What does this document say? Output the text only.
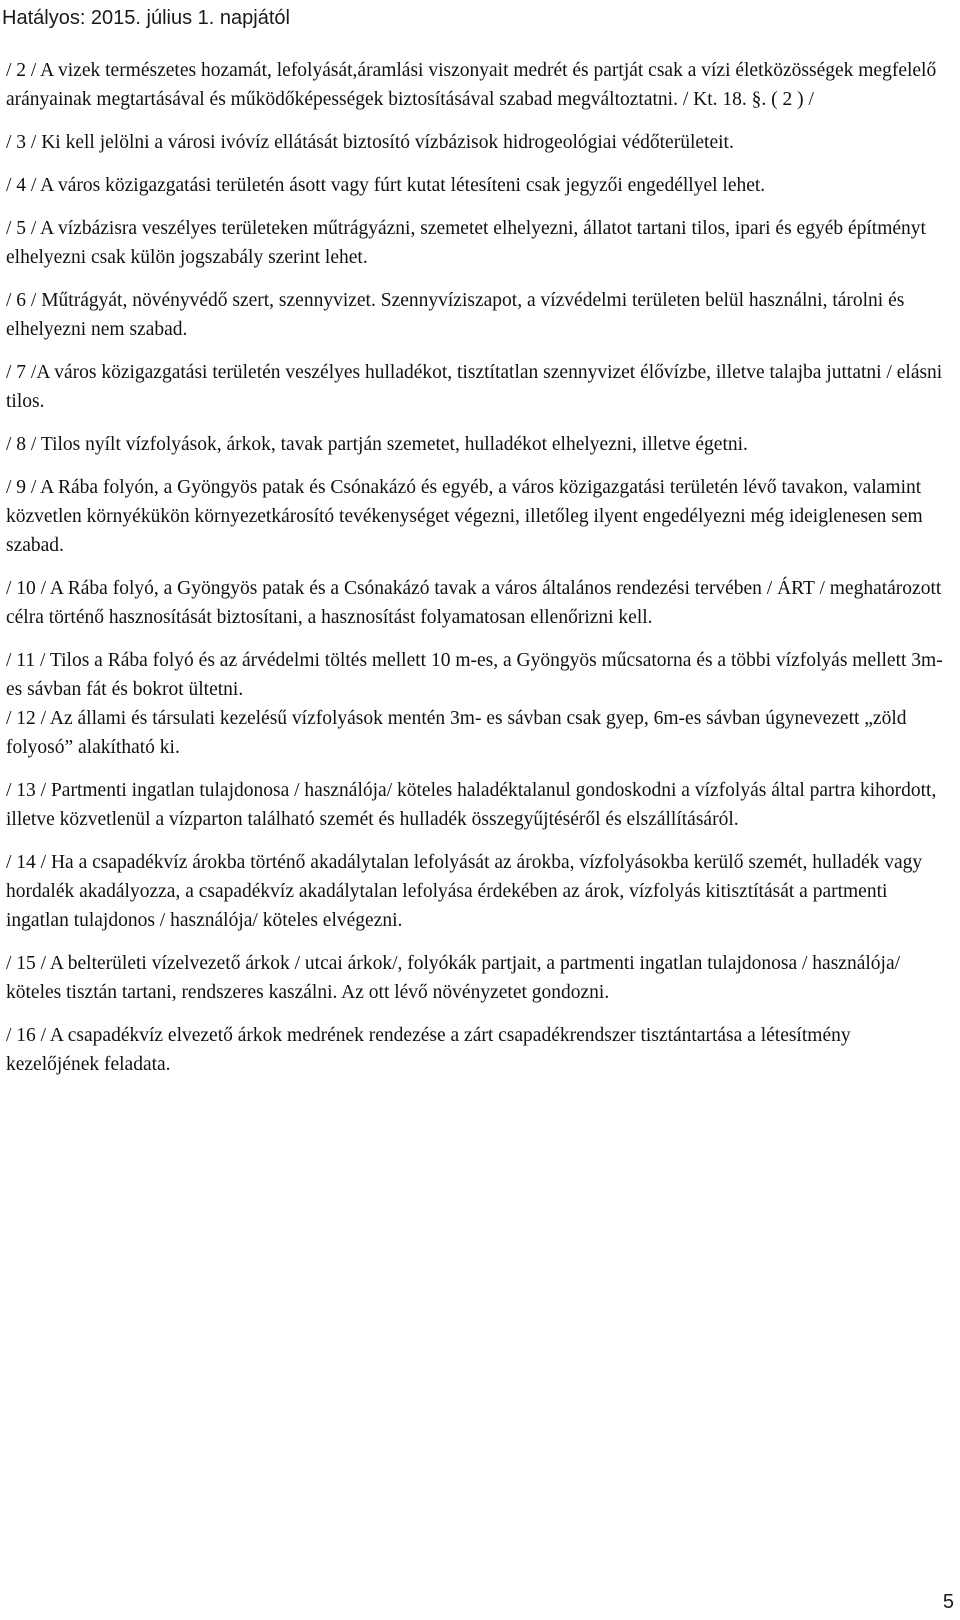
Hatályos: 2015. július 1. napjától

/ 2 / A vizek természetes hozamát, lefolyását,áramlási viszonyait medrét és partját csak a vízi életközösségek megfelelő arányainak megtartásával és működőképességek biztosításával szabad megváltoztatni. / Kt. 18. §. ( 2 ) /

/ 3 / Ki kell jelölni a városi ivóvíz ellátását biztosító vízbázisok hidrogeológiai védőterületeit.

/ 4 / A város közigazgatási területén ásott vagy fúrt kutat létesíteni csak jegyzői engedéllyel lehet.

/ 5 / A vízbázisra veszélyes területeken műtrágyázni, szemetet elhelyezni, állatot tartani tilos, ipari és egyéb építményt elhelyezni csak külön jogszabály szerint lehet.

/ 6 / Műtrágyát, növényvédő szert, szennyvizet. Szennyvíziszapot, a vízvédelmi területen belül használni, tárolni és elhelyezni nem szabad.

/ 7 /A város közigazgatási területén veszélyes hulladékot, tisztítatlan szennyvizet élővízbe, illetve talajba juttatni / elásni tilos.

/ 8 / Tilos nyílt vízfolyások, árkok, tavak partján szemetet, hulladékot elhelyezni, illetve égetni.

/ 9 / A Rába folyón, a Gyöngyös patak és Csónakázó és egyéb, a város közigazgatási területén lévő tavakon, valamint közvetlen környékükön környezetkárosító tevékenységet végezni, illetőleg ilyent engedélyezni még ideiglenesen sem szabad.

/ 10 / A Rába folyó, a Gyöngyös patak és a Csónakázó tavak a város általános rendezési tervében / ÁRT / meghatározott célra történő hasznosítását biztosítani, a hasznosítást folyamatosan ellenőrizni kell.

/ 11 / Tilos a Rába folyó és az árvédelmi töltés mellett 10 m-es, a Gyöngyös műcsatorna és a többi vízfolyás mellett 3m-es sávban fát és bokrot ültetni.

/ 12 / Az állami és társulati kezelésű vízfolyások mentén 3m- es sávban csak gyep, 6m-es sávban úgynevezett „zöld folyosó” alakítható ki.

/ 13 / Partmenti ingatlan tulajdonosa / használója/ köteles haladéktalanul gondoskodni a vízfolyás által partra kihordott, illetve közvetlenül a vízparton található szemét és hulladék összegyűjtéséről és elszállításáról.

/ 14 / Ha a csapadékvíz árokba történő akadálytalan lefolyását az árokba, vízfolyásokba kerülő szemét, hulladék vagy hordalék akadályozza, a csapadékvíz akadálytalan lefolyása érdekében az árok, vízfolyás kitisztítását a partmenti ingatlan tulajdonos / használója/ köteles elvégezni.

/ 15 / A belterületi vízelvezető árkok / utcai árkok/, folyókák partjait, a partmenti ingatlan tulajdonosa / használója/ köteles tisztán tartani, rendszeres kaszálni. Az ott lévő növényzetet gondozni.

/ 16 / A csapadékvíz elvezető árkok medrének rendezése a zárt csapadékrendszer tisztántartása a létesítmény kezelőjének feladata.

5
